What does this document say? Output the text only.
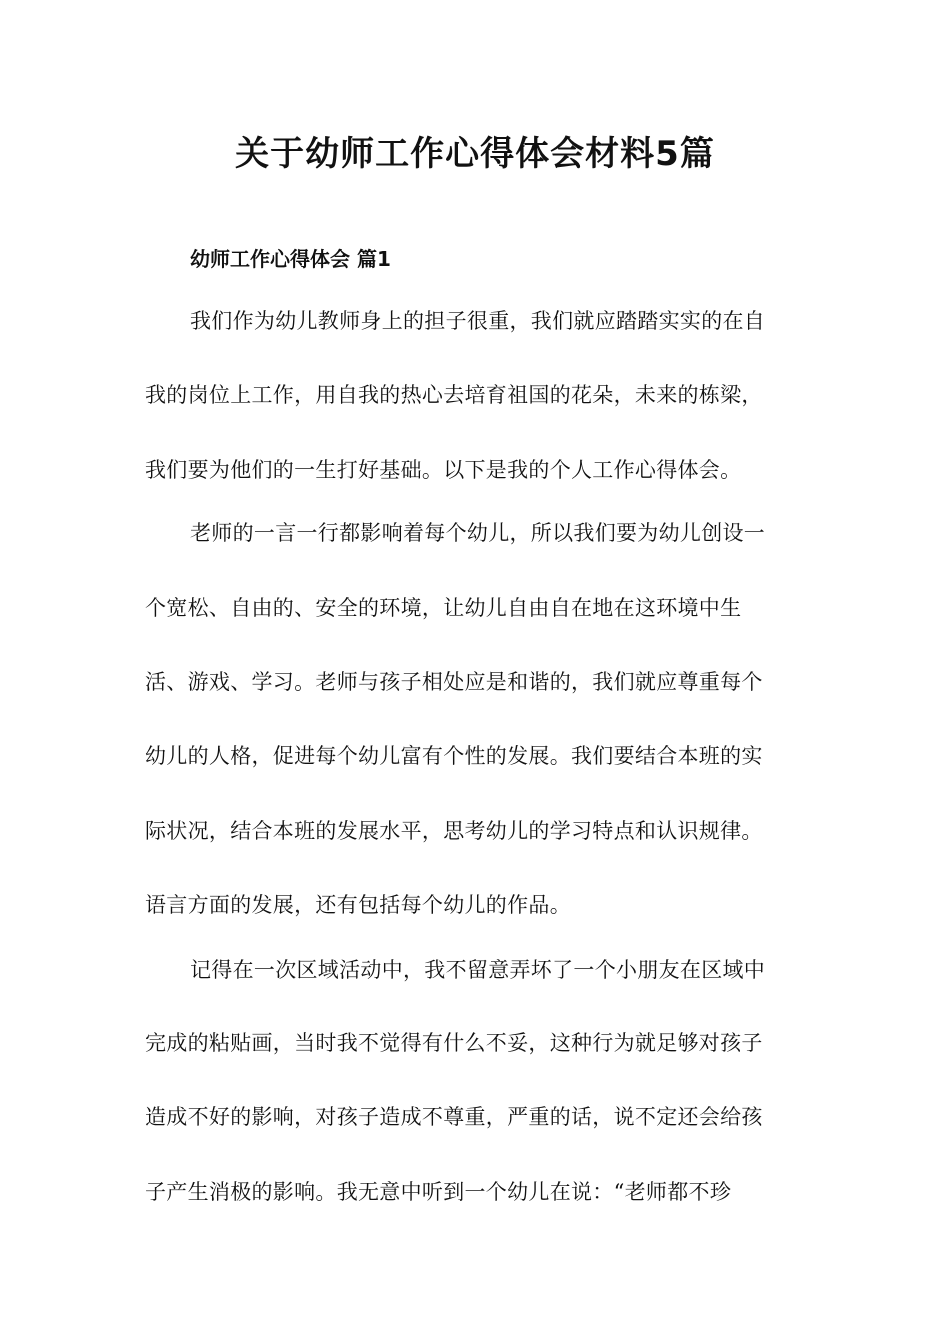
关于幼师工作心得体会材料5篇
幼师工作心得体会 篇1

我们作为幼儿教师身上的担子很重，我们就应踏踏实实的在自

我的岗位上工作，用自我的热心去培育祖国的花朵，未来的栋梁，

我们要为他们的一生打好基础。以下是我的个人工作心得体会。

老师的一言一行都影响着每个幼儿，所以我们要为幼儿创设一

个宽松、自由的、安全的环境，让幼儿自由自在地在这环境中生

活、游戏、学习。老师与孩子相处应是和谐的，我们就应尊重每个

幼儿的人格，促进每个幼儿富有个性的发展。我们要结合本班的实

际状况，结合本班的发展水平，思考幼儿的学习特点和认识规律。

语言方面的发展，还有包括每个幼儿的作品。

记得在一次区域活动中，我不留意弄坏了一个小朋友在区域中

完成的粘贴画，当时我不觉得有什么不妥，这种行为就足够对孩子

造成不好的影响，对孩子造成不尊重，严重的话，说不定还会给孩

子产生消极的影响。我无意中听到一个幼儿在说：“老师都不珍
